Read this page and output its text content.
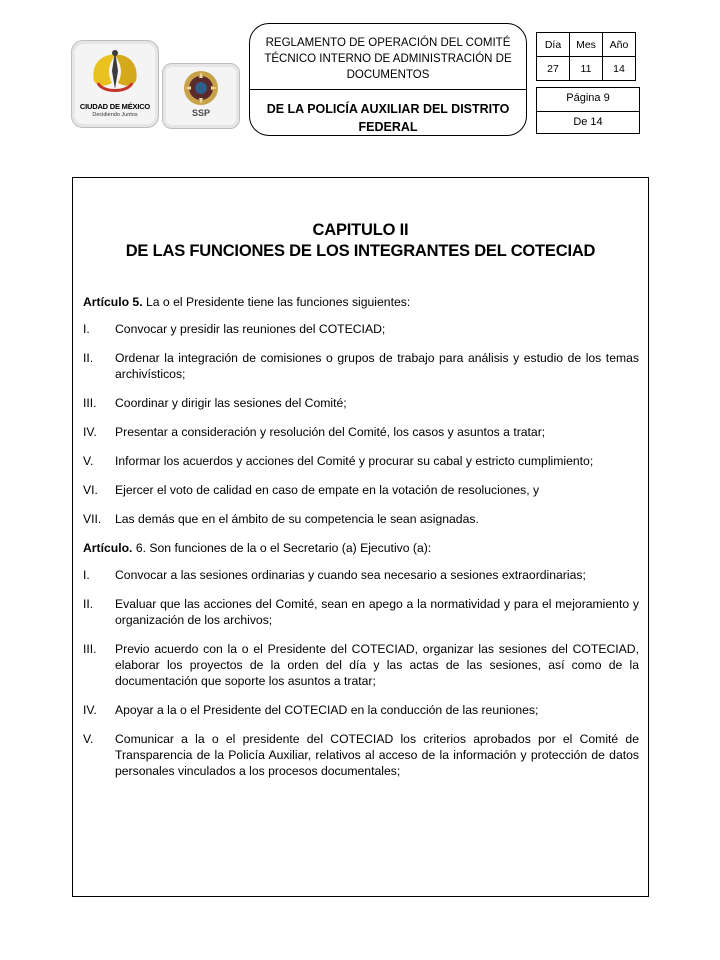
CIUDAD DE MÉXICO
Decidiendo Juntos	SSP
REGLAMENTO DE OPERACIÓN DEL COMITÉ TÉCNICO INTERNO DE ADMINISTRACIÓN DE DOCUMENTOS
DE LA POLICÍA AUXILIAR DEL DISTRITO FEDERAL
Día	Mes	Año
27	11	14
Página 9
De 14
CAPITULO II
DE LAS FUNCIONES DE LOS INTEGRANTES DEL COTECIAD
Artículo 5. La o el Presidente tiene las funciones siguientes:
I. Convocar y presidir las reuniones del COTECIAD;
II. Ordenar la integración de comisiones o grupos de trabajo para análisis y estudio de los temas archivísticos;
III. Coordinar y dirigir las sesiones del Comité;
IV. Presentar a consideración y resolución del Comité, los casos y asuntos a tratar;
V. Informar los acuerdos y acciones del Comité y procurar su cabal y estricto cumplimiento;
VI. Ejercer el voto de calidad en caso de empate en la votación de resoluciones, y
VII. Las demás que en el ámbito de su competencia le sean asignadas.
Artículo. 6. Son funciones de la o el Secretario (a) Ejecutivo (a):
I. Convocar a las sesiones ordinarias y cuando sea necesario a sesiones extraordinarias;
II. Evaluar que las acciones del Comité, sean en apego a la normatividad y para el mejoramiento y organización de los archivos;
III. Previo acuerdo con la o el Presidente del COTECIAD, organizar las sesiones del COTECIAD, elaborar los proyectos de la orden del día y las actas de las sesiones, así como de la documentación que soporte los asuntos a tratar;
IV. Apoyar a la o el Presidente del COTECIAD en la conducción de las reuniones;
V. Comunicar a la o el presidente del COTECIAD los criterios aprobados por el Comité de Transparencia de la Policía Auxiliar, relativos al acceso de la información y protección de datos personales vinculados a los procesos documentales;
